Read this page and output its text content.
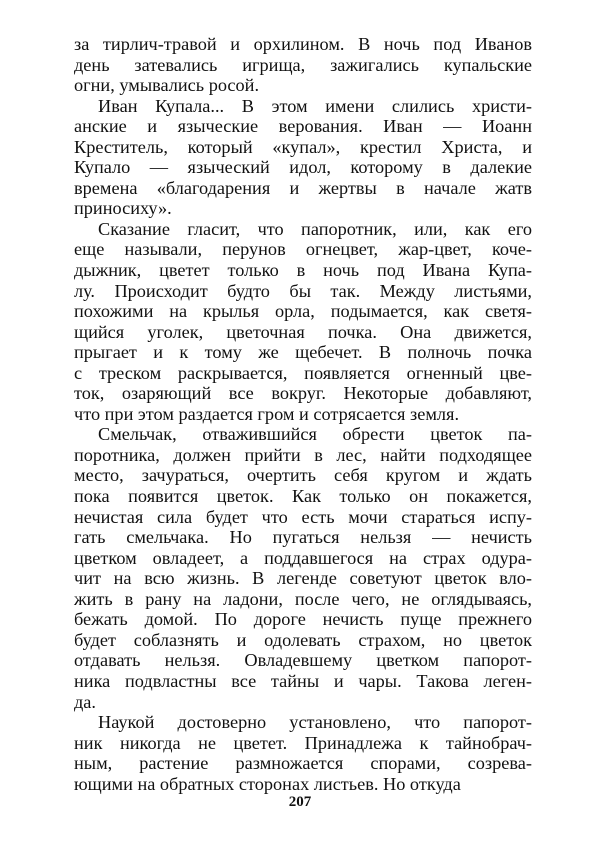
за тирлич-травой и орхилином. В ночь под Иванов
день затевались игрища, зажигались купальские
огни, умывались росой.

Иван Купала... В этом имени слились христи-
анские и языческие верования. Иван — Иоанн
Креститель, который «купал», крестил Христа, и
Купало — языческий идол, которому в далекие
времена «благодарения и жертвы в начале жатв
приносиху».

Сказание гласит, что папоротник, или, как его
еще называли, перунов огнецвет, жар-цвет, коче-
дыжник, цветет только в ночь под Ивана Купа-
лу. Происходит будто бы так. Между листьями,
похожими на крылья орла, подымается, как светя-
щийся уголек, цветочная почка. Она движется,
прыгает и к тому же щебечет. В полночь почка
с треском раскрывается, появляется огненный цве-
ток, озаряющий все вокруг. Некоторые добавляют,
что при этом раздается гром и сотрясается земля.

Смельчак, отважившийся обрести цветок па-
поротника, должен прийти в лес, найти подходящее
место, зачураться, очертить себя кругом и ждать
пока появится цветок. Как только он покажется,
нечистая сила будет что есть мочи стараться испу-
гать смельчака. Но пугаться нельзя — нечисть
цветком овладеет, а поддавшегося на страх одура-
чит на всю жизнь. В легенде советуют цветок вло-
жить в рану на ладони, после чего, не оглядываясь,
бежать домой. По дороге нечисть пуще прежнего
будет соблазнять и одолевать страхом, но цветок
отдавать нельзя. Овладевшему цветком папорот-
ника подвластны все тайны и чары. Такова леген-
да.

Наукой достоверно установлено, что папорот-
ник никогда не цветет. Принадлежа к тайнобрач-
ным, растение размножается спорами, созрева-
ющими на обратных сторонах листьев. Но откуда

207
